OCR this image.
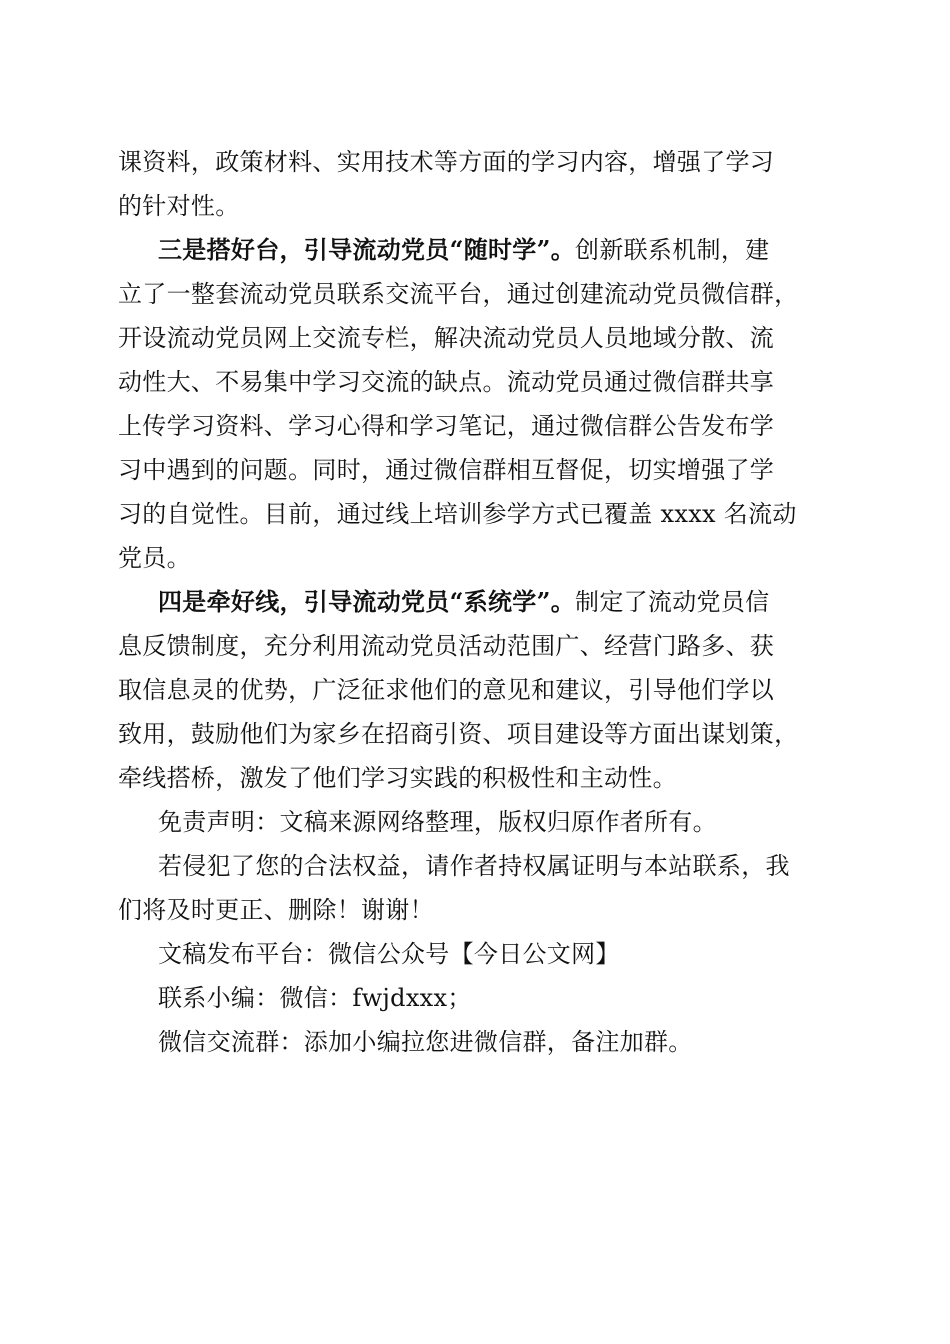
课资料，政策材料、实用技术等方面的学习内容，增强了学习
的针对性。
三是搭好台，引导流动党员“随时学”。创新联系机制，建
立了一整套流动党员联系交流平台，通过创建流动党员微信群，
开设流动党员网上交流专栏，解决流动党员人员地域分散、流
动性大、不易集中学习交流的缺点。流动党员通过微信群共享
上传学习资料、学习心得和学习笔记，通过微信群公告发布学
习中遇到的问题。同时，通过微信群相互督促，切实增强了学
习的自觉性。目前，通过线上培训参学方式已覆盖 xxxx 名流动
党员。
四是牵好线，引导流动党员“系统学”。制定了流动党员信
息反馈制度，充分利用流动党员活动范围广、经营门路多、获
取信息灵的优势，广泛征求他们的意见和建议，引导他们学以
致用，鼓励他们为家乡在招商引资、项目建设等方面出谋划策，
牵线搭桥，激发了他们学习实践的积极性和主动性。
免责声明：文稿来源网络整理，版权归原作者所有。
若侵犯了您的合法权益，请作者持权属证明与本站联系，我
们将及时更正、删除！谢谢！
文稿发布平台：微信公众号【今日公文网】
联系小编：微信：fwjdxxx；
微信交流群：添加小编拉您进微信群，备注加群。
